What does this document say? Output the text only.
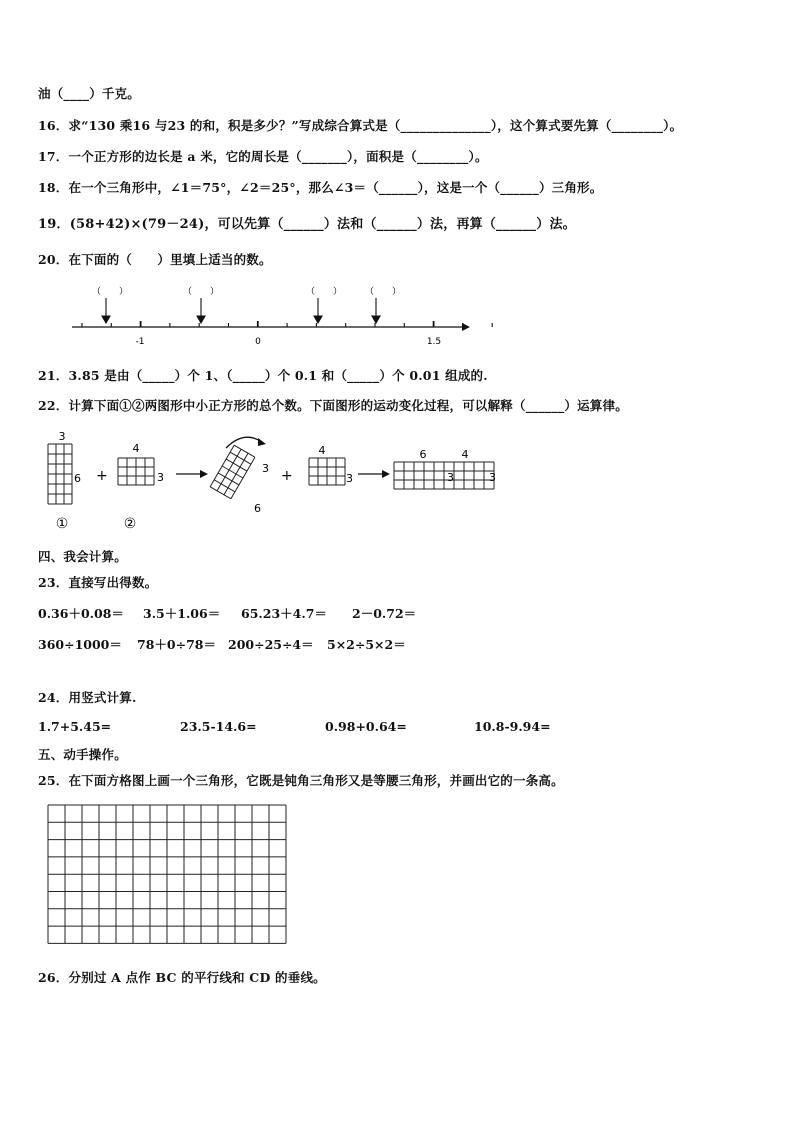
油（____）千克。
16．求“130 乘16 与23 的和，积是多少？”写成综合算式是（______________），这个算式要先算（________）。
17．一个正方形的边长是 a 米，它的周长是（_______），面积是（________）。
18．在一个三角形中，∠1＝75°，∠2＝25°，那么∠3＝（______），这是一个（______）三角形。
19．(58+42)×(79－24)，可以先算（______）法和（______）法，再算（______）法。
20．在下面的（　　）里填上适当的数。
-1	0	1.5
（　　）	（　　）	（　　）	（　　）
21．3.85 是由（_____）个 1、（_____）个 0.1 和（_____）个 0.01 组成的.
22．计算下面①②两图形中小正方形的总个数。下面图形的运动变化过程，可以解释（______）运算律。
3
6 +
4
3
①	②
3
6
+
4
3
6	4
3	3
四、我会计算。
23．直接写出得数。
0.36＋0.08＝ 3.5＋1.06＝ 65.23＋4.7＝ 2－0.72＝
360÷1000＝ 78＋0÷78＝ 200÷25÷4＝ 5×2÷5×2＝
24．用竖式计算.
1.7+5.45=	23.5-14.6=	0.98+0.64=	10.8-9.94=
五、动手操作。
25．在下面方格图上画一个三角形，它既是钝角三角形又是等腰三角形，并画出它的一条高。
26．分别过 A 点作 BC 的平行线和 CD 的垂线。
